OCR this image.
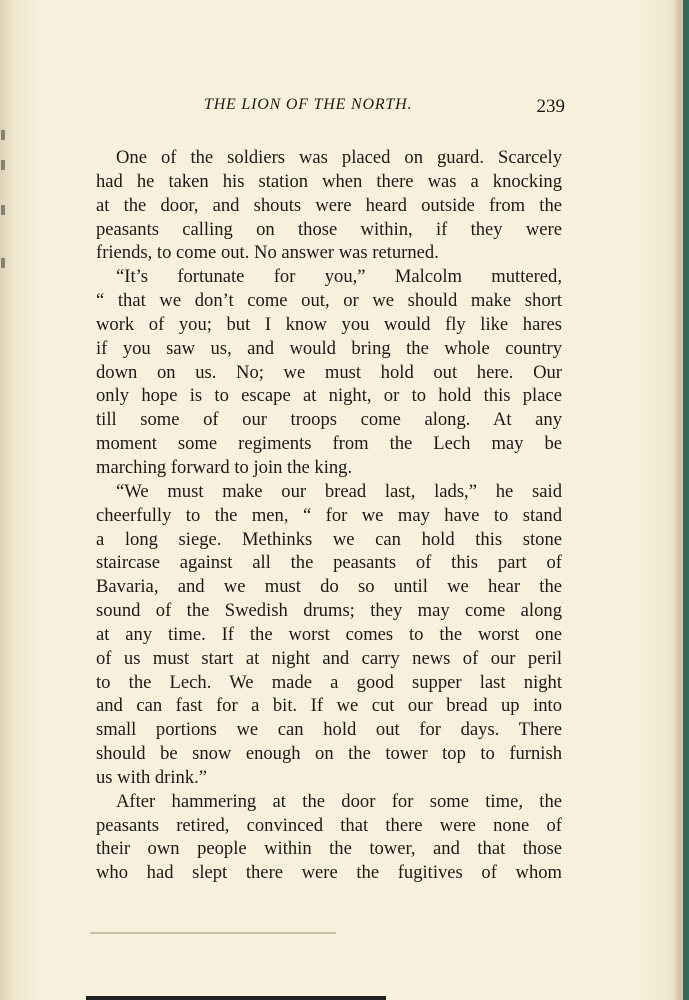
THE LION OF THE NORTH.	239
One of the soldiers was placed on guard. Scarcely
had he taken his station when there was a knocking
at the door, and shouts were heard outside from the
peasants calling on those within, if they were
friends, to come out. No answer was returned.
“It’s fortunate for you,” Malcolm muttered,
“ that we don’t come out, or we should make short
work of you; but I know you would fly like hares
if you saw us, and would bring the whole country
down on us. No; we must hold out here. Our
only hope is to escape at night, or to hold this place
till some of our troops come along. At any
moment some regiments from the Lech may be
marching forward to join the king.
“We must make our bread last, lads,” he said
cheerfully to the men, “ for we may have to stand
a long siege. Methinks we can hold this stone
staircase against all the peasants of this part of
Bavaria, and we must do so until we hear the
sound of the Swedish drums; they may come along
at any time. If the worst comes to the worst one
of us must start at night and carry news of our peril
to the Lech. We made a good supper last night
and can fast for a bit. If we cut our bread up into
small portions we can hold out for days. There
should be snow enough on the tower top to furnish
us with drink.”
After hammering at the door for some time, the
peasants retired, convinced that there were none of
their own people within the tower, and that those
who had slept there were the fugitives of whom
